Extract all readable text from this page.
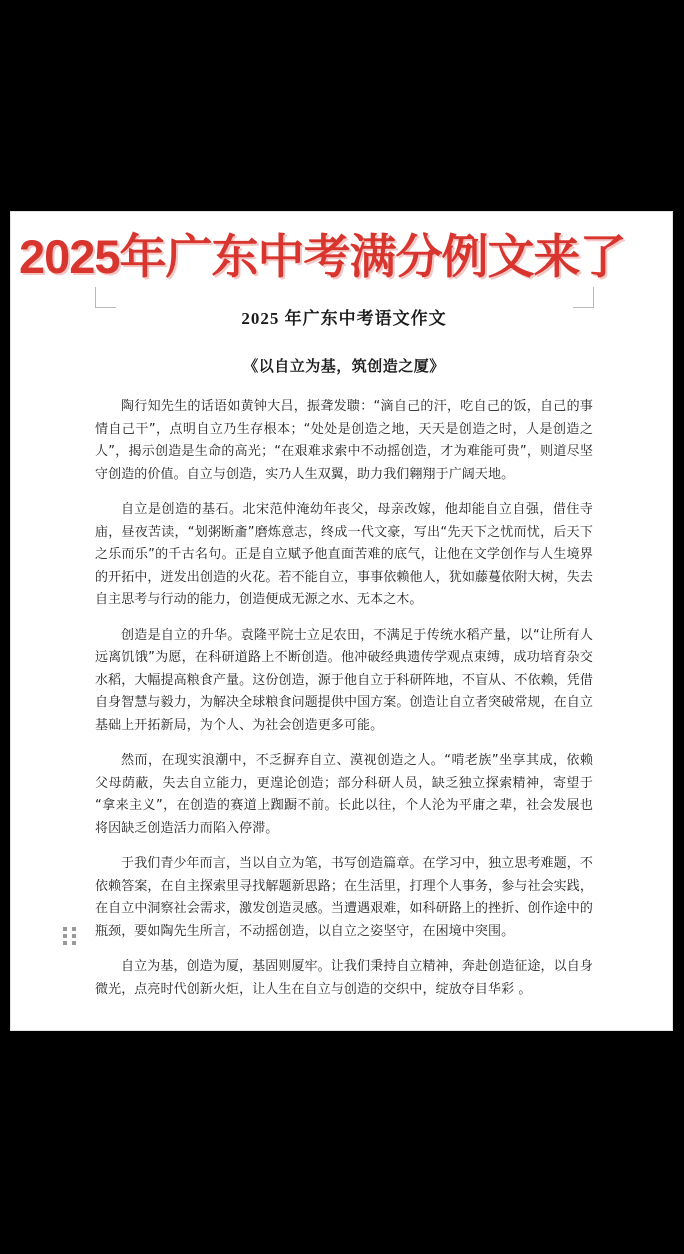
2025年广东中考满分例文来了
2025 年广东中考语文作文
《以自立为基，筑创造之厦》

陶行知先生的话语如黄钟大吕，振聋发聩：“滴自己的汗，吃自己的饭，自己的事情自己干”，点明自立乃生存根本；“处处是创造之地，天天是创造之时，人是创造之人”，揭示创造是生命的高光；“在艰难求索中不动摇创造，才为难能可贵”，则道尽坚守创造的价值。自立与创造，实乃人生双翼，助力我们翱翔于广阔天地。

自立是创造的基石。北宋范仲淹幼年丧父，母亲改嫁，他却能自立自强，借住寺庙，昼夜苦读，“划粥断齑”磨炼意志，终成一代文豪，写出“先天下之忧而忧，后天下之乐而乐”的千古名句。正是自立赋予他直面苦难的底气，让他在文学创作与人生境界的开拓中，迸发出创造的火花。若不能自立，事事依赖他人，犹如藤蔓依附大树，失去自主思考与行动的能力，创造便成无源之水、无本之木。

创造是自立的升华。袁隆平院士立足农田，不满足于传统水稻产量，以“让所有人远离饥饿”为愿，在科研道路上不断创造。他冲破经典遗传学观点束缚，成功培育杂交水稻，大幅提高粮食产量。这份创造，源于他自立于科研阵地，不盲从、不依赖，凭借自身智慧与毅力，为解决全球粮食问题提供中国方案。创造让自立者突破常规，在自立基础上开拓新局，为个人、为社会创造更多可能。

然而，在现实浪潮中，不乏摒弃自立、漠视创造之人。“啃老族”坐享其成，依赖父母荫蔽，失去自立能力，更遑论创造；部分科研人员，缺乏独立探索精神，寄望于“拿来主义”，在创造的赛道上踟蹰不前。长此以往，个人沦为平庸之辈，社会发展也将因缺乏创造活力而陷入停滞。

于我们青少年而言，当以自立为笔，书写创造篇章。在学习中，独立思考难题，不依赖答案，在自主探索里寻找解题新思路；在生活里，打理个人事务，参与社会实践，在自立中洞察社会需求，激发创造灵感。当遭遇艰难，如科研路上的挫折、创作途中的瓶颈，要如陶先生所言，不动摇创造，以自立之姿坚守，在困境中突围。

自立为基，创造为厦，基固则厦牢。让我们秉持自立精神，奔赴创造征途，以自身微光，点亮时代创新火炬，让人生在自立与创造的交织中，绽放夺目华彩 。
